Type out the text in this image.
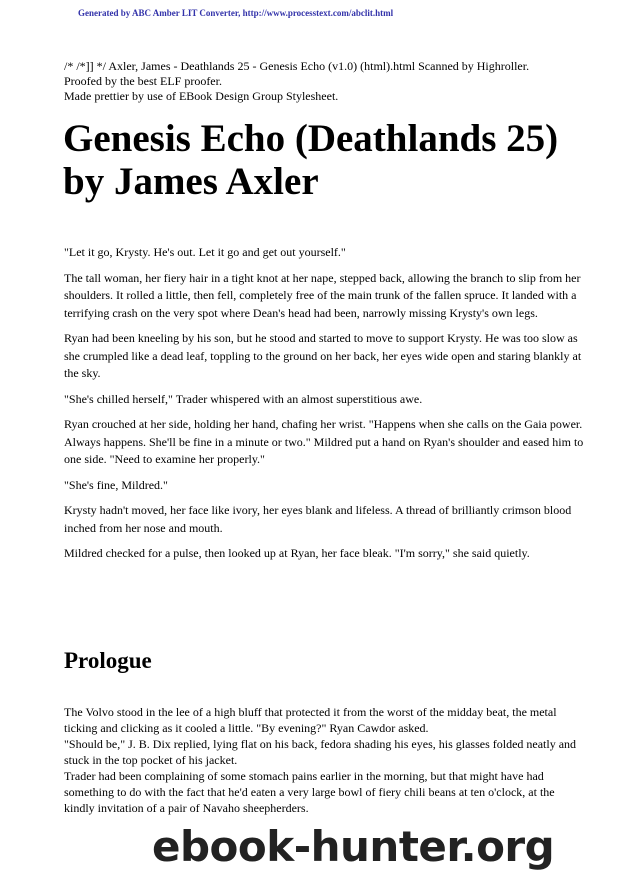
Generated by ABC Amber LIT Converter, http://www.processtext.com/abclit.html
/* /*]] */ Axler, James - Deathlands 25 - Genesis Echo (v1.0) (html).html Scanned by Highroller.
Proofed by the best ELF proofer.
Made prettier by use of EBook Design Group Stylesheet.
Genesis Echo (Deathlands 25)
by James Axler

"Let it go, Krysty. He's out. Let it go and get out yourself."

The tall woman, her fiery hair in a tight knot at her nape, stepped back, allowing the branch to slip from her shoulders. It rolled a little, then fell, completely free of the main trunk of the fallen spruce. It landed with a terrifying crash on the very spot where Dean's head had been, narrowly missing Krysty's own legs.

Ryan had been kneeling by his son, but he stood and started to move to support Krysty. He was too slow as she crumpled like a dead leaf, toppling to the ground on her back, her eyes wide open and staring blankly at the sky.

"She's chilled herself," Trader whispered with an almost superstitious awe.

Ryan crouched at her side, holding her hand, chafing her wrist. "Happens when she calls on the Gaia power. Always happens. She'll be fine in a minute or two." Mildred put a hand on Ryan's shoulder and eased him to one side. "Need to examine her properly."

"She's fine, Mildred."

Krysty hadn't moved, her face like ivory, her eyes blank and lifeless. A thread of brilliantly crimson blood inched from her nose and mouth.

Mildred checked for a pulse, then looked up at Ryan, her face bleak. "I'm sorry," she said quietly.

Prologue

The Volvo stood in the lee of a high bluff that protected it from the worst of the midday beat, the metal ticking and clicking as it cooled a little. "By evening?" Ryan Cawdor asked.

"Should be," J. B. Dix replied, lying flat on his back, fedora shading his eyes, his glasses folded neatly and stuck in the top pocket of his jacket.

Trader had been complaining of some stomach pains earlier in the morning, but that might have had something to do with the fact that he'd eaten a very large bowl of fiery chili beans at ten o'clock, at the kindly invitation of a pair of Navaho sheepherders.

ebook-hunter.org
